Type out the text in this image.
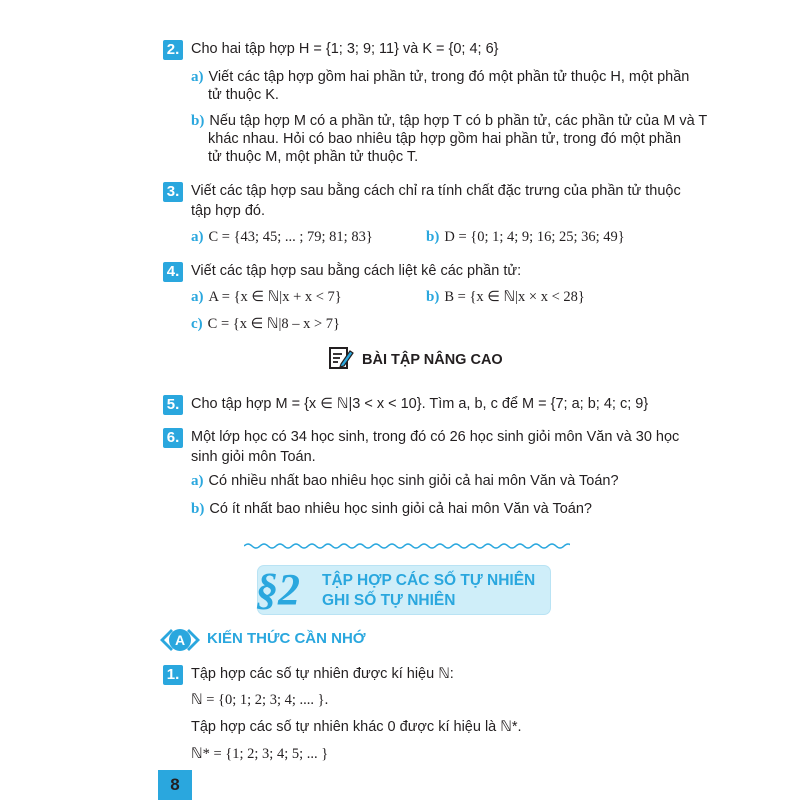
2. Cho hai tập hợp H = {1; 3; 9; 11} và K = {0; 4; 6}
a) Viết các tập hợp gồm hai phần tử, trong đó một phần tử thuộc H, một phần
tử thuộc K.
b) Nếu tập hợp M có a phần tử, tập hợp T có b phần tử, các phần tử của M và T
khác nhau. Hỏi có bao nhiêu tập hợp gồm hai phần tử, trong đó một phần
tử thuộc M, một phần tử thuộc T.
3. Viết các tập hợp sau bằng cách chỉ ra tính chất đặc trưng của phần tử thuộc
tập hợp đó.
a) C = {43; 45; ... ; 79; 81; 83}	b) D = {0; 1; 4; 9; 16; 25; 36; 49}
4. Viết các tập hợp sau bằng cách liệt kê các phần tử:
a) A = {x ∈ ℕ|x + x < 7}	b) B = {x ∈ ℕ|x × x < 28}
c) C = {x ∈ ℕ|8 – x > 7}
BÀI TẬP NÂNG CAO
5. Cho tập hợp M = {x ∈ ℕ|3 < x < 10}. Tìm a, b, c để M = {7; a; b; 4; c; 9}
6. Một lớp học có 34 học sinh, trong đó có 26 học sinh giỏi môn Văn và 30 học
sinh giỏi môn Toán.
a) Có nhiều nhất bao nhiêu học sinh giỏi cả hai môn Văn và Toán?
b) Có ít nhất bao nhiêu học sinh giỏi cả hai môn Văn và Toán?
§2 TẬP HỢP CÁC SỐ TỰ NHIÊN
GHI SỐ TỰ NHIÊN
A KIẾN THỨC CẦN NHỚ
1. Tập hợp các số tự nhiên được kí hiệu ℕ:
ℕ = {0; 1; 2; 3; 4; .... }.
Tập hợp các số tự nhiên khác 0 được kí hiệu là ℕ*.
ℕ* = {1; 2; 3; 4; 5; ... }
8
